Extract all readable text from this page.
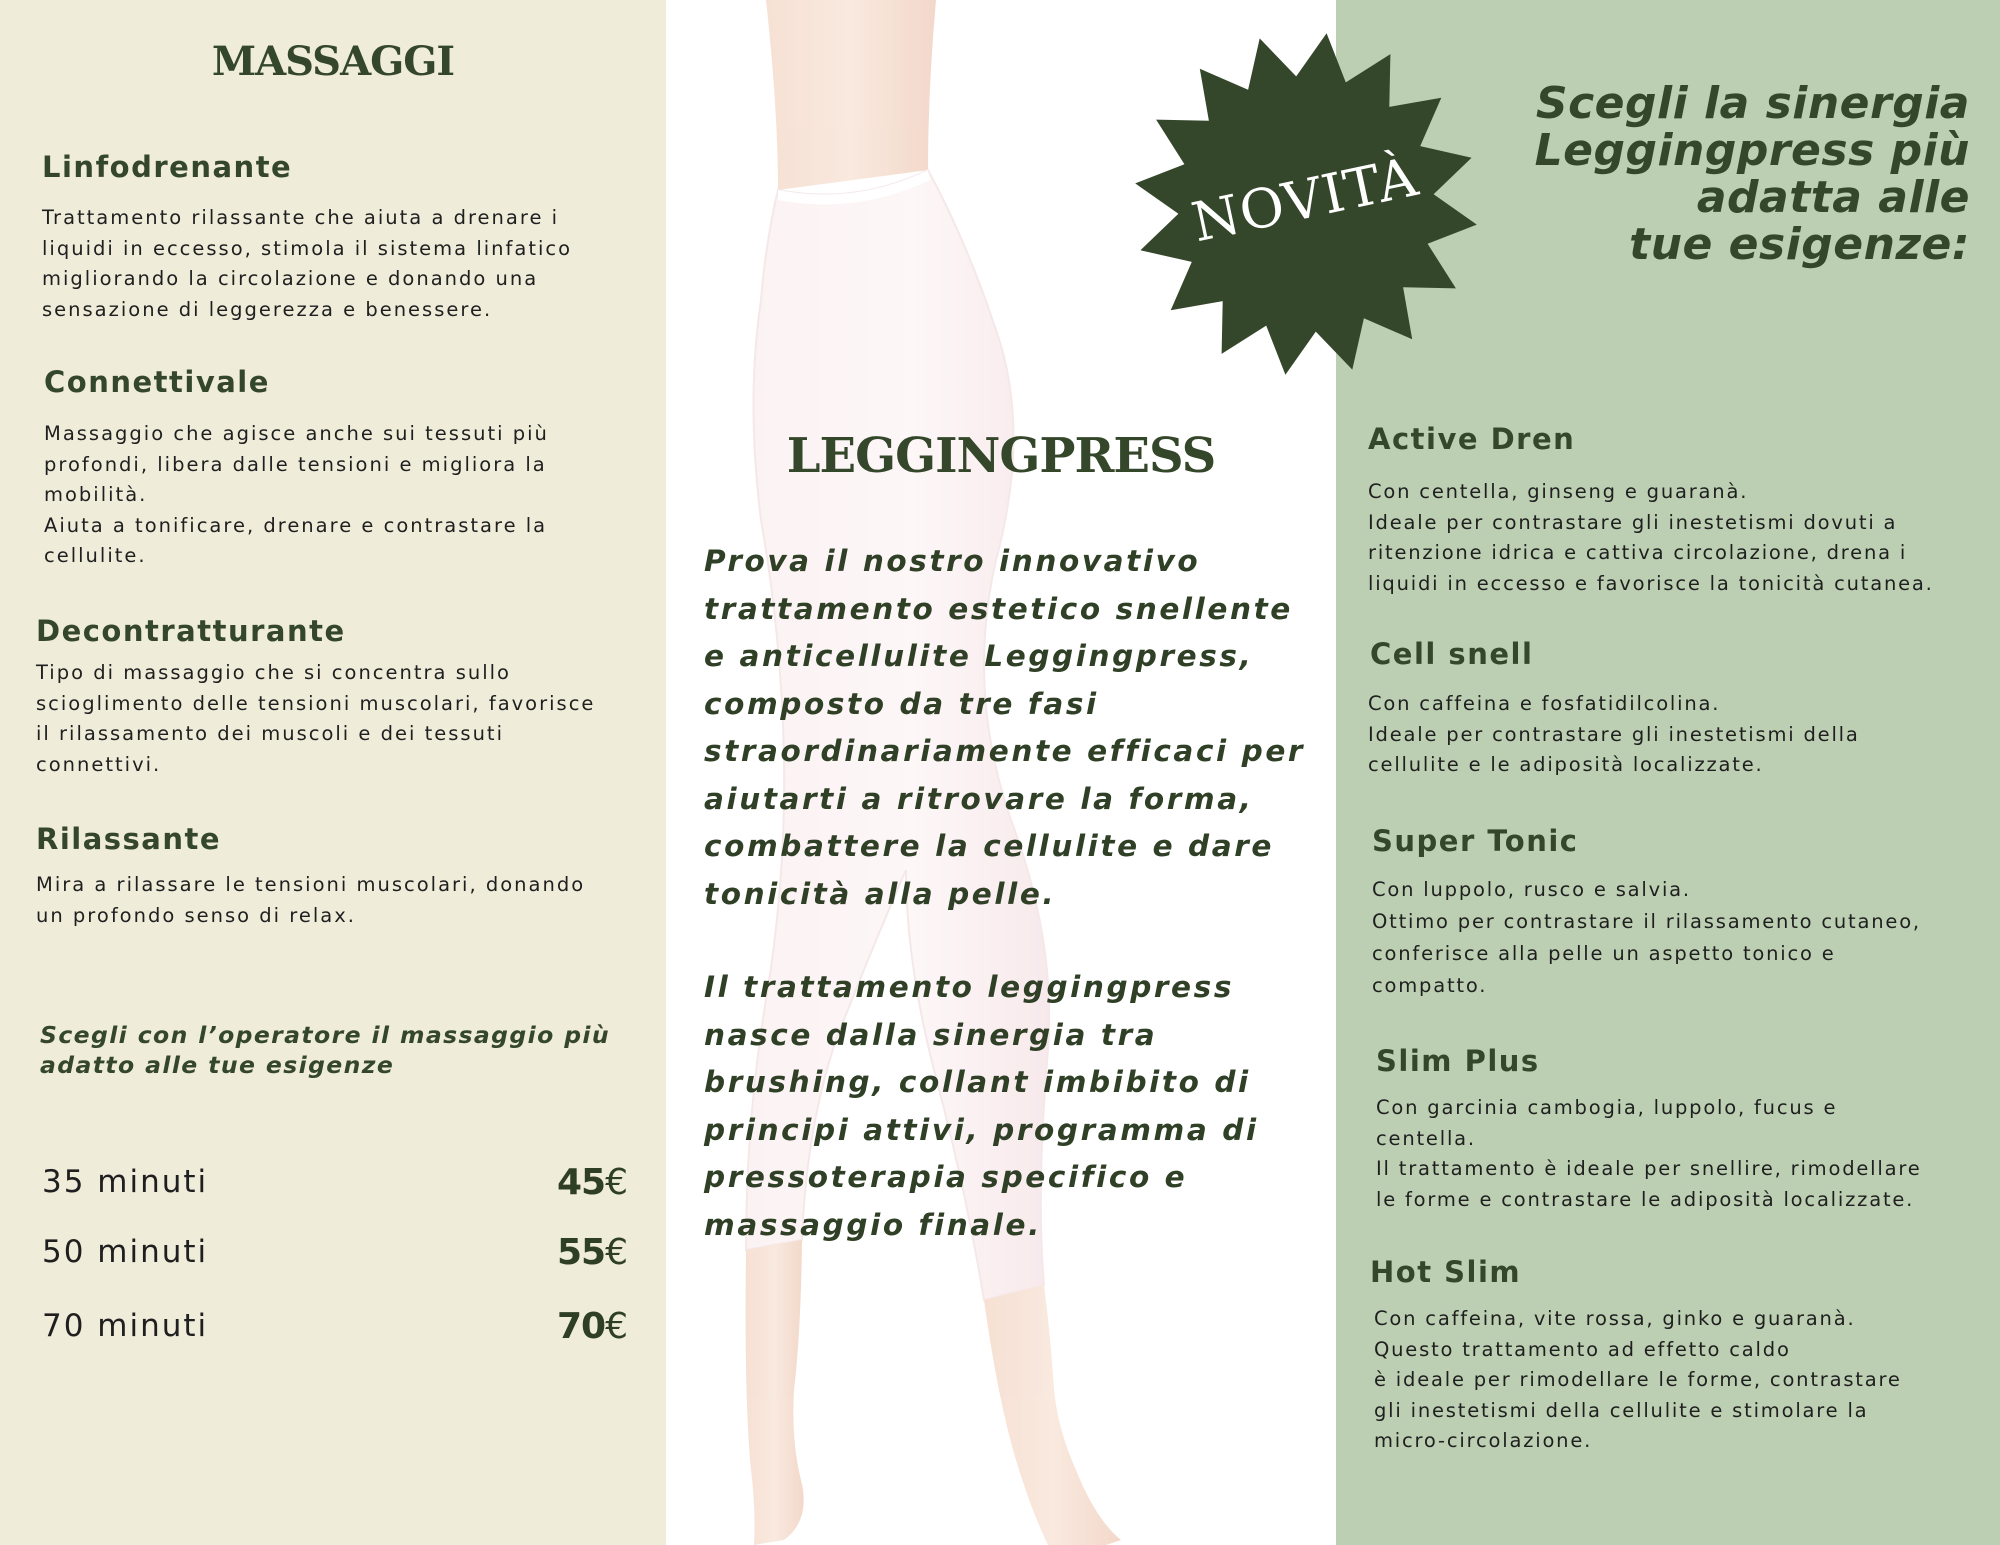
MASSAGGI
Linfodrenante

Trattamento rilassante che aiuta a drenare i
liquidi in eccesso, stimola il sistema linfatico
migliorando la circolazione e donando una
sensazione di leggerezza e benessere.

Connettivale

Massaggio che agisce anche sui tessuti più
profondi, libera dalle tensioni e migliora la
mobilità.
Aiuta a tonificare, drenare e contrastare la
cellulite.

Decontratturante

Tipo di massaggio che si concentra sullo
scioglimento delle tensioni muscolari, favorisce
il rilassamento dei muscoli e dei tessuti
connettivi.

Rilassante

Mira a rilassare le tensioni muscolari, donando
un profondo senso di relax.

Scegli con l’operatore il massaggio più
adatto alle tue esigenze

35 minuti	45€
50 minuti	55€
70 minuti	70€
LEGGINGPRESS

Prova il nostro innovativo
trattamento estetico snellente
e anticellulite Leggingpress,
composto da tre fasi
straordinariamente efficaci per
aiutarti a ritrovare la forma,
combattere la cellulite e dare
tonicità alla pelle.

Il trattamento leggingpress
nasce dalla sinergia tra
brushing, collant imbibito di
principi attivi, programma di
pressoterapia specifico e
massaggio finale.

Scegli la sinergia
Leggingpress più
adatta alle
tue esigenze:

Active Dren

Con centella, ginseng e guaranà.
Ideale per contrastare gli inestetismi dovuti a
ritenzione idrica e cattiva circolazione, drena i
liquidi in eccesso e favorisce la tonicità cutanea.

Cell snell

Con caffeina e fosfatidilcolina.
Ideale per contrastare gli inestetismi della
cellulite e le adiposità localizzate.

Super Tonic

Con luppolo, rusco e salvia.
Ottimo per contrastare il rilassamento cutaneo,
conferisce alla pelle un aspetto tonico e
compatto.

Slim Plus

Con garcinia cambogia, luppolo, fucus e
centella.
Il trattamento è ideale per snellire, rimodellare
le forme e contrastare le adiposità localizzate.

Hot Slim

Con caffeina, vite rossa, ginko e guaranà.
Questo trattamento ad effetto caldo
è ideale per rimodellare le forme, contrastare
gli inestetismi della cellulite e stimolare la
micro-circolazione.

NOVITÀ
